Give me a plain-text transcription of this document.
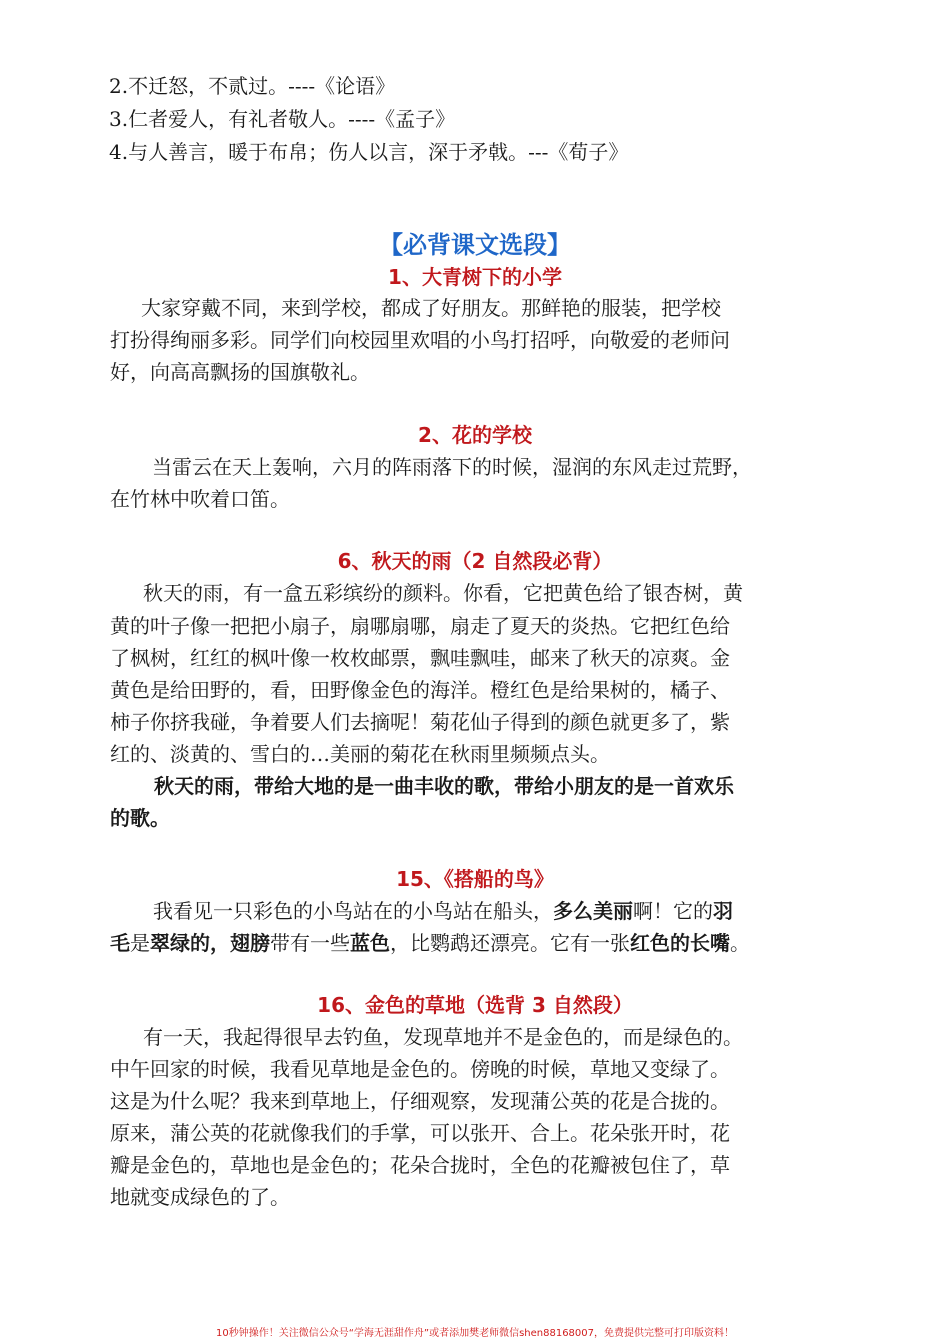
2.不迁怒，不贰过。----《论语》
3.仁者爱人，有礼者敬人。----《孟子》
4.与人善言，暖于布帛；伤人以言，深于矛戟。---《荀子》
【必背课文选段】
1、大青树下的小学
大家穿戴不同，来到学校，都成了好朋友。那鲜艳的服装，把学校
打扮得绚丽多彩。同学们向校园里欢唱的小鸟打招呼，向敬爱的老师问
好，向高高飘扬的国旗敬礼。
2、花的学校
当雷云在天上轰响，六月的阵雨落下的时候，湿润的东风走过荒野，
在竹林中吹着口笛。
6、秋天的雨（2 自然段必背）
秋天的雨，有一盒五彩缤纷的颜料。你看，它把黄色给了银杏树，黄
黄的叶子像一把把小扇子，扇哪扇哪，扇走了夏天的炎热。它把红色给
了枫树，红红的枫叶像一枚枚邮票，飘哇飘哇，邮来了秋天的凉爽。金
黄色是给田野的，看，田野像金色的海洋。橙红色是给果树的，橘子、
柿子你挤我碰，争着要人们去摘呢！菊花仙子得到的颜色就更多了，紫
红的、淡黄的、雪白的…美丽的菊花在秋雨里频频点头。
秋天的雨，带给大地的是一曲丰收的歌，带给小朋友的是一首欢乐
的歌。
15、《搭船的鸟》
我看见一只彩色的小鸟站在的小鸟站在船头，多么美丽啊！它的羽
毛是翠绿的，翅膀带有一些蓝色，比鹦鹉还漂亮。它有一张红色的长嘴。
16、金色的草地（选背 3 自然段）
有一天，我起得很早去钓鱼，发现草地并不是金色的，而是绿色的。
中午回家的时候，我看见草地是金色的。傍晚的时候，草地又变绿了。
这是为什么呢？我来到草地上，仔细观察，发现蒲公英的花是合拢的。
原来，蒲公英的花就像我们的手掌，可以张开、合上。花朵张开时，花
瓣是金色的，草地也是金色的；花朵合拢时，全色的花瓣被包住了，草
地就变成绿色的了。
10秒钟操作！关注微信公众号“学海无涯甜作舟”或者添加樊老师微信shen88168007，免费提供完整可打印版资料！
